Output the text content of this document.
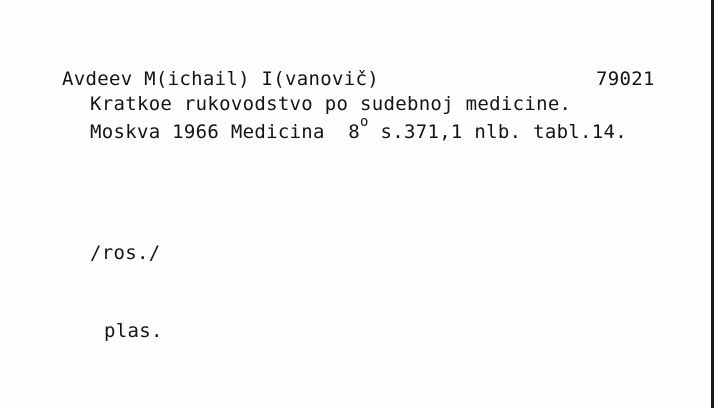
Avdeev M(ichail) I(vanovič)	79021
Kratkoe rukovodstvo po sudebnoj medicine.
Moskva 1966 Medicina 8$^o$ s.371,1 nlb. tabl.14.
/ros./
plas.
